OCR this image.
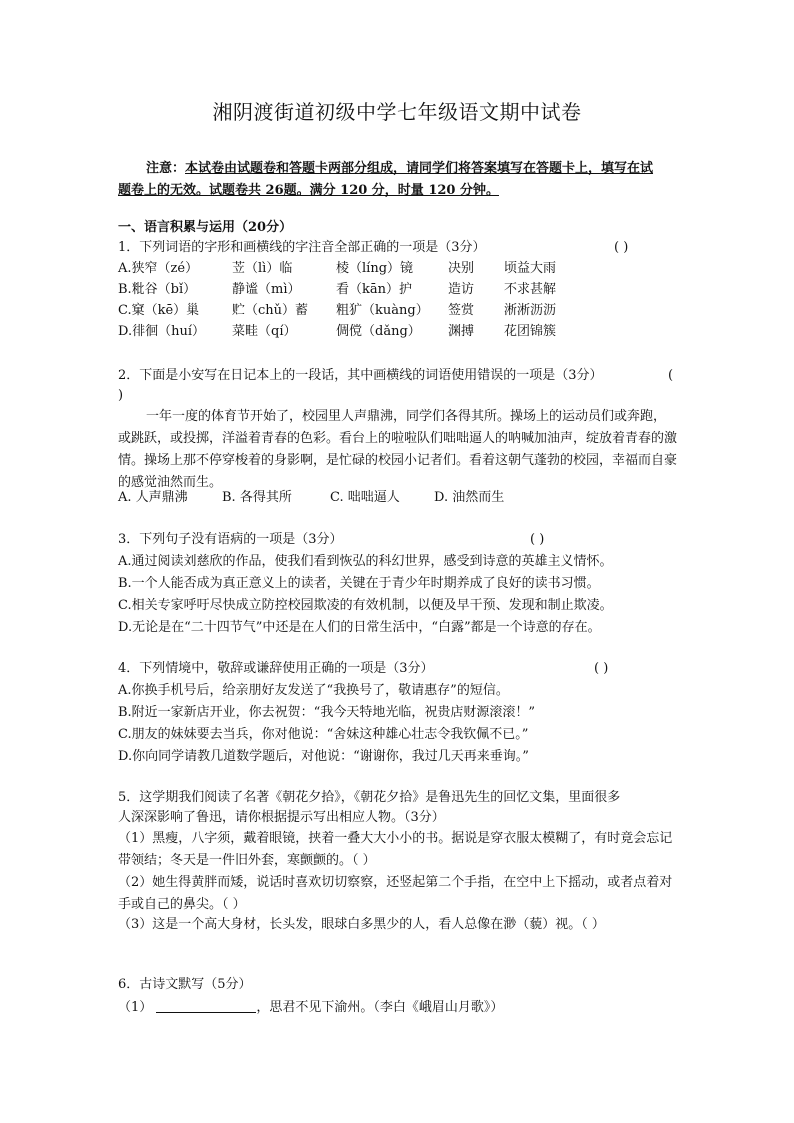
湘阴渡街道初级中学七年级语文期中试卷
注意：本试卷由试题卷和答题卡两部分组成，请同学们将答案填写在答题卡上，填写在试
题卷上的无效。试题卷共 26题。满分 120 分，时量 120 分钟。
一、语言积累与运用（20分）
1．下列词语的字形和画横线的字注音全部正确的一项是（3分）	( )
A.狭窄（zé）	苙（lì）临	棱（líng）镜	决别 顷益大雨
B.粃谷（bǐ）	静谧（mì）	看（kān）护	造访 不求甚解
C.窠（kē）巢	贮（chǔ）蓄 粗犷（kuàng） 签赏 淅淅沥沥
D.徘徊（huí） 菜畦（qí）	倜傥（dǎng） 渊搏 花团锦簇
2．下面是小安写在日记本上的一段话，其中画横线的词语使用错误的一项是（3分）	(
)
一年一度的体育节开始了，校园里人声鼎沸，同学们各得其所。操场上的运动员们或奔跑，或跳跃，或投掷，洋溢着青春的色彩。看台上的啦啦队们咄咄逼人的呐喊加油声，绽放着青春的激情。操场上那不停穿梭着的身影啊，是忙碌的校园小记者们。看着这朝气蓬勃的校园，幸福而自豪的感觉油然而生。
A. 人声鼎沸	B. 各得其所	C. 咄咄逼人	D. 油然而生
3．下列句子没有语病的一项是（3分）	( )
A.通过阅读刘慈欣的作品，使我们看到恢弘的科幻世界，感受到诗意的英雄主义情怀。
B.一个人能否成为真正意义上的读者，关键在于青少年时期养成了良好的读书习惯。
C.相关专家呼吁尽快成立防控校园欺凌的有效机制，以便及早干预、发现和制止欺凌。
D.无论是在“二十四节气”中还是在人们的日常生活中，“白露”都是一个诗意的存在。
4．下列情境中，敬辞或谦辞使用正确的一项是（3分）	( )
A.你换手机号后，给亲朋好友发送了“我换号了，敬请惠存”的短信。
B.附近一家新店开业，你去祝贺：“我今天特地光临，祝贵店财源滚滚！”
C.朋友的妹妹要去当兵，你对他说：“舍妹这种雄心壮志令我钦佩不已。”
D.你向同学请教几道数学题后，对他说：“谢谢你，我过几天再来垂询。”
5．这学期我们阅读了名著《朝花夕拾》，《朝花夕拾》是鲁迅先生的回忆文集，里面很多
人深深影响了鲁迅，请你根据提示写出相应人物。（3分）
（1）黑瘦，八字须，戴着眼镜，挟着一叠大大小小的书。据说是穿衣服太模糊了，有时竟会忘记带领结；冬天是一件旧外套，寒颤颤的。（ ）
（2）她生得黄胖而矮，说话时喜欢切切察察，还竖起第二个手指，在空中上下摇动，或者点着对手或自己的鼻尖。（ ）
（3）这是一个高大身材，长头发，眼球白多黑少的人，看人总像在渺（藐）视。（ ）
6．古诗文默写（5分）
（1）	，思君不见下渝州。（李白《峨眉山月歌》）
